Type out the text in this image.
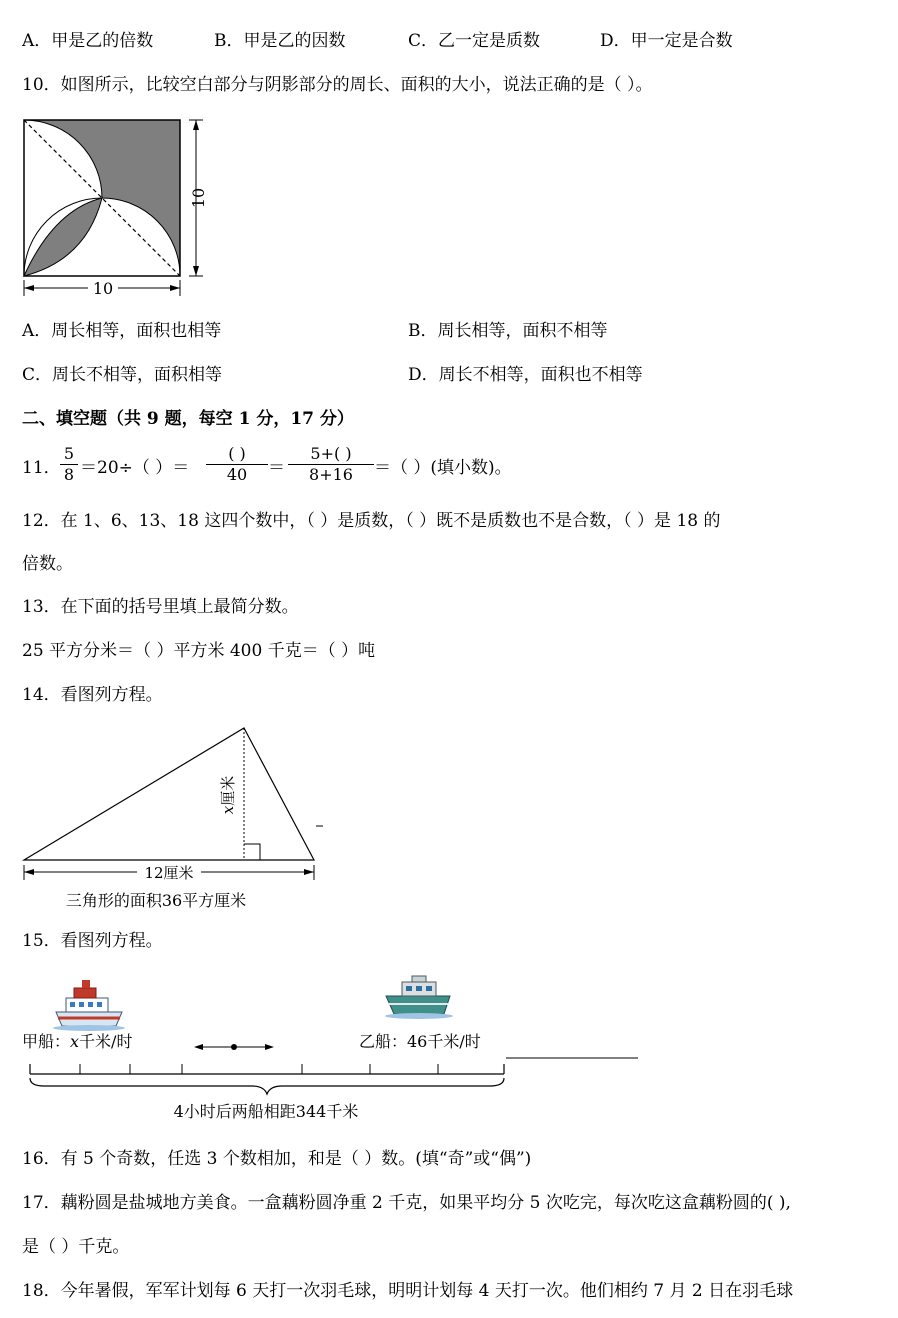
A．甲是乙的倍数	B．甲是乙的因数	C．乙一定是质数	D．甲一定是合数
10．如图所示，比较空白部分与阴影部分的周长、面积的大小，说法正确的是（ ）。
10
10
A．周长相等，面积也相等	B．周长相等，面积不相等
C．周长不相等，面积相等	D．周长不相等，面积也不相等
二、填空题（共 9 题，每空 1 分，17 分）
11． $\frac{5}{8} =20\div$（ ）＝
( )
40	＝ $\frac{5+( )}{8+16}$ ＝（ ）(填小数)。
12．在 1、6、13、18 这四个数中，（ ）是质数，（ ）既不是质数也不是合数，（ ）是 18 的
倍数。
13．在下面的括号里填上最简分数。
25 平方分米＝（ ）平方米 400 千克＝（ ）吨
14．看图列方程。
x厘米
12厘米
三角形的面积36平方厘米
15．看图列方程。
甲船：x千米/时	乙船：46千米/时
4小时后两船相距344千米
16．有 5 个奇数，任选 3 个数相加，和是（ ）数。(填“奇”或“偶”)
17．藕粉圆是盐城地方美食。一盒藕粉圆净重 2 千克，如果平均分 5 次吃完，每次吃这盒藕粉圆的( ),
是（ ）千克。
18．今年暑假，军军计划每 6 天打一次羽毛球，明明计划每 4 天打一次。他们相约 7 月 2 日在羽毛球
